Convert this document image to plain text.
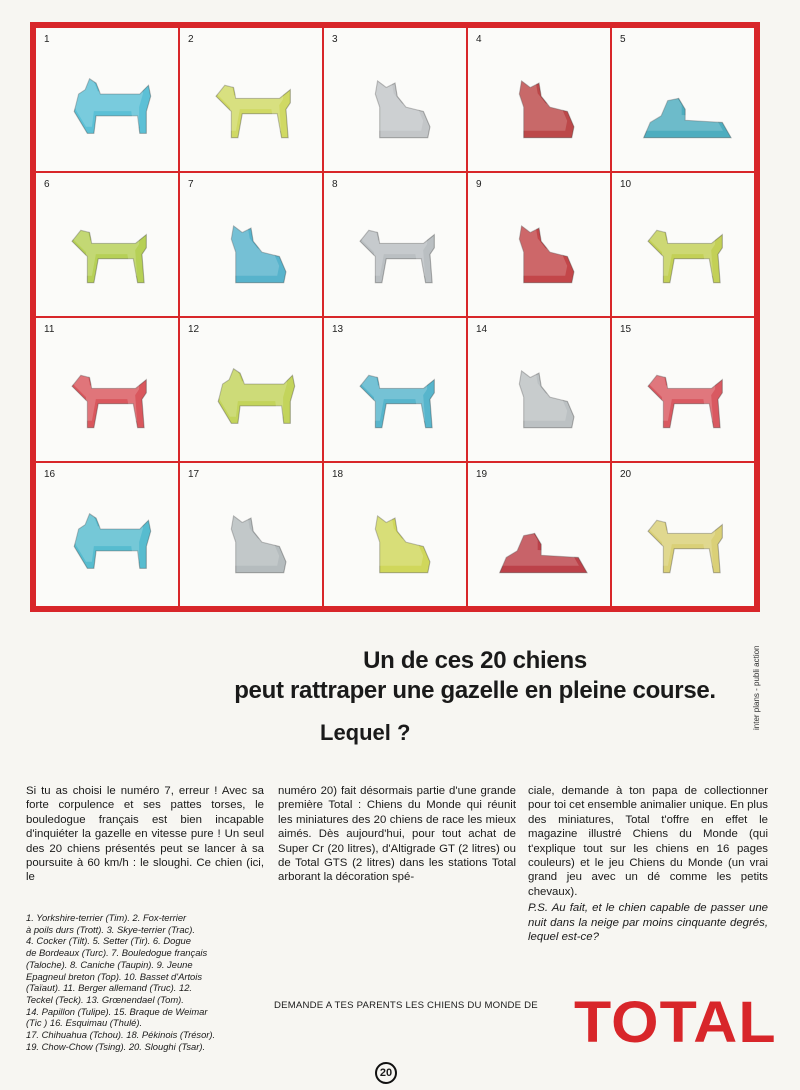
1	2	3	4	5
6	7	8	9	10
11	12	13	14	15
16	17	18	19	20
inter plans - publi action
Un de ces 20 chiens
peut rattraper une gazelle en pleine course.
Lequel ?
Si tu as choisi le numéro 7, erreur ! Avec sa forte corpulence et ses pattes torses, le bouledogue français est bien incapable d'inquiéter la gazelle en vitesse pure ! Un seul des 20 chiens présentés peut se lancer à sa poursuite à 60 km/h : le sloughi. Ce chien (ici, le
numéro 20) fait désormais partie d'une grande première Total : Chiens du Monde qui réunit les miniatures des 20 chiens de race les mieux aimés. Dès aujourd'hui, pour tout achat de Super Cr (20 litres), d'Altigrade GT (2 litres) ou de Total GTS (2 litres) dans les stations Total arborant la décoration spé-
ciale, demande à ton papa de collectionner pour toi cet ensemble animalier unique. En plus des miniatures, Total t'offre en effet le magazine illustré Chiens du Monde (qui t'explique tout sur les chiens en 16 pages couleurs) et le jeu Chiens du Monde (un vrai grand jeu avec un dé comme les petits chevaux).
P.S. Au fait, et le chien capable de passer une nuit dans la neige par moins cinquante degrés, lequel est-ce?
1. Yorkshire-terrier (Tim). 2. Fox-terrier
à poils durs (Trott). 3. Skye-terrier (Trac).
4. Cocker (Tilt). 5. Setter (Tir). 6. Dogue
de Bordeaux (Turc). 7. Bouledogue français
(Taloche). 8. Caniche (Taupin). 9. Jeune
Epagneul breton (Top). 10. Basset d'Artois
(Taïaut). 11. Berger allemand (Truc). 12.
Teckel (Teck). 13. Grœnendael (Tom).
14. Papillon (Tulipe). 15. Braque de Weimar
(Tic ) 16. Esquimau (Thulé).
17. Chihuahua (Tchou). 18. Pékinois (Trésor).
19. Chow-Chow (Tsing). 20. Sloughi (Tsar).
DEMANDE A TES PARENTS LES CHIENS DU MONDE DE TOTAL
20
